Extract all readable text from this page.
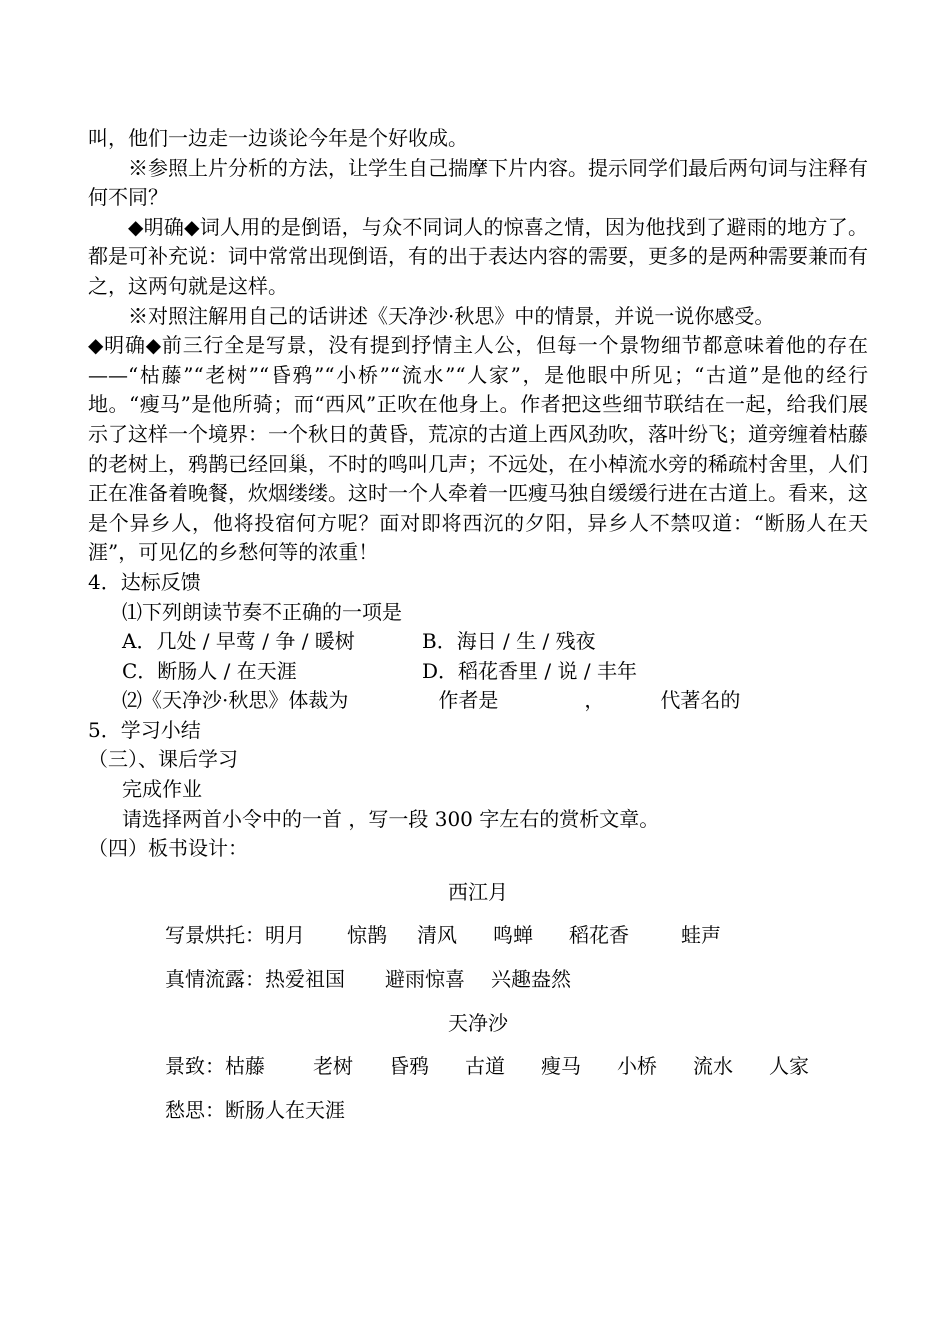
叫，他们一边走一边谈论今年是个好收成。

※参照上片分析的方法，让学生自己揣摩下片内容。提示同学们最后两句词与注释有何不同？

◆明确◆词人用的是倒语，与众不同词人的惊喜之情，因为他找到了避雨的地方了。都是可补充说：词中常常出现倒语，有的出于表达内容的需要，更多的是两种需要兼而有之，这两句就是这样。

※对照注解用自己的话讲述《天净沙·秋思》中的情景，并说一说你感受。

◆明确◆前三行全是写景，没有提到抒情主人公，但每一个景物细节都意味着他的存在——“枯藤”“老树”“昏鸦”“小桥”“流水”“人家”，是他眼中所见；“古道”是他的经行地。“瘦马”是他所骑；而“西风”正吹在他身上。作者把这些细节联结在一起，给我们展示了这样一个境界：一个秋日的黄昏，荒凉的古道上西风劲吹，落叶纷飞；道旁缠着枯藤的老树上，鸦鹊已经回巢，不时的鸣叫几声；不远处，在小棹流水旁的稀疏村舍里，人们正在准备着晚餐，炊烟缕缕。这时一个人牵着一匹瘦马独自缓缓行进在古道上。看来，这是个异乡人，他将投宿何方呢？面对即将西沉的夕阳，异乡人不禁叹道：“断肠人在天涯”，可见亿的乡愁何等的浓重！

4．达标反馈

⑴下列朗读节奏不正确的一项是

A．几处 / 早莺 / 争 / 暖树	B．海日 / 生 / 残夜
C．断肠人 / 在天涯	D．稻花香里 / 说 / 丰年
⑵《天净沙·秋思》体裁为	作者是	，	代著名的

5．学习小结

（三）、课后学习

完成作业

请选择两首小令中的一首 ，写一段 300 字左右的赏析文章。

（四）板书设计：

西江月

写景烘托： 明月	惊鹊	清风	鸣蝉	稻花香	蛙声
真情流露： 热爱祖国	避雨惊喜	兴趣盎然

天净沙

景致： 枯藤	老树	昏鸦	古道	瘦马	小桥	流水	人家
愁思： 断肠人在天涯
